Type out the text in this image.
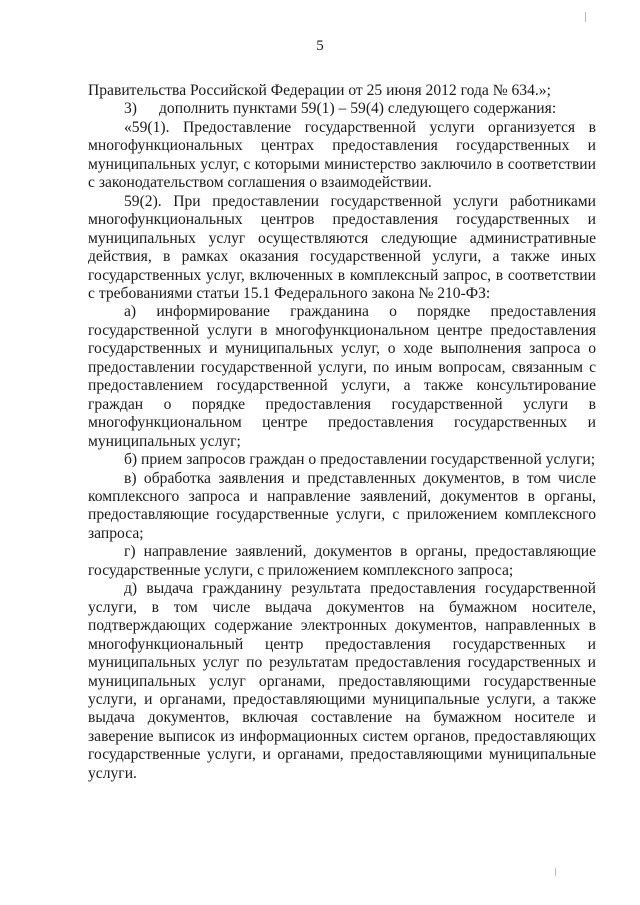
5

Правительства Российской Федерации от 25 июня 2012 года № 634.»;

3) дополнить пунктами 59(1) – 59(4) следующего содержания:

«59(1). Предоставление государственной услуги организуется в многофункциональных центрах предоставления государственных и муниципальных услуг, с которыми министерство заключило в соответствии с законодательством соглашения о взаимодействии.

59(2). При предоставлении государственной услуги работниками многофункциональных центров предоставления государственных и муниципальных услуг осуществляются следующие административные действия, в рамках оказания государственной услуги, а также иных государственных услуг, включенных в комплексный запрос, в соответствии с требованиями статьи 15.1 Федерального закона № 210-ФЗ:

а) информирование гражданина о порядке предоставления государственной услуги в многофункциональном центре предоставления государственных и муниципальных услуг, о ходе выполнения запроса о предоставлении государственной услуги, по иным вопросам, связанным с предоставлением государственной услуги, а также консультирование граждан о порядке предоставления государственной услуги в многофункциональном центре предоставления государственных и муниципальных услуг;

б) прием запросов граждан о предоставлении государственной услуги;

в) обработка заявления и представленных документов, в том числе комплексного запроса и направление заявлений, документов в органы, предоставляющие государственные услуги, с приложением комплексного запроса;

г) направление заявлений, документов в органы, предоставляющие государственные услуги, с приложением комплексного запроса;

д) выдача гражданину результата предоставления государственной услуги, в том числе выдача документов на бумажном носителе, подтверждающих содержание электронных документов, направленных в многофункциональный центр предоставления государственных и муниципальных услуг по результатам предоставления государственных и муниципальных услуг органами, предоставляющими государственные услуги, и органами, предоставляющими муниципальные услуги, а также выдача документов, включая составление на бумажном носителе и заверение выписок из информационных систем органов, предоставляющих государственные услуги, и органами, предоставляющими муниципальные услуги.
